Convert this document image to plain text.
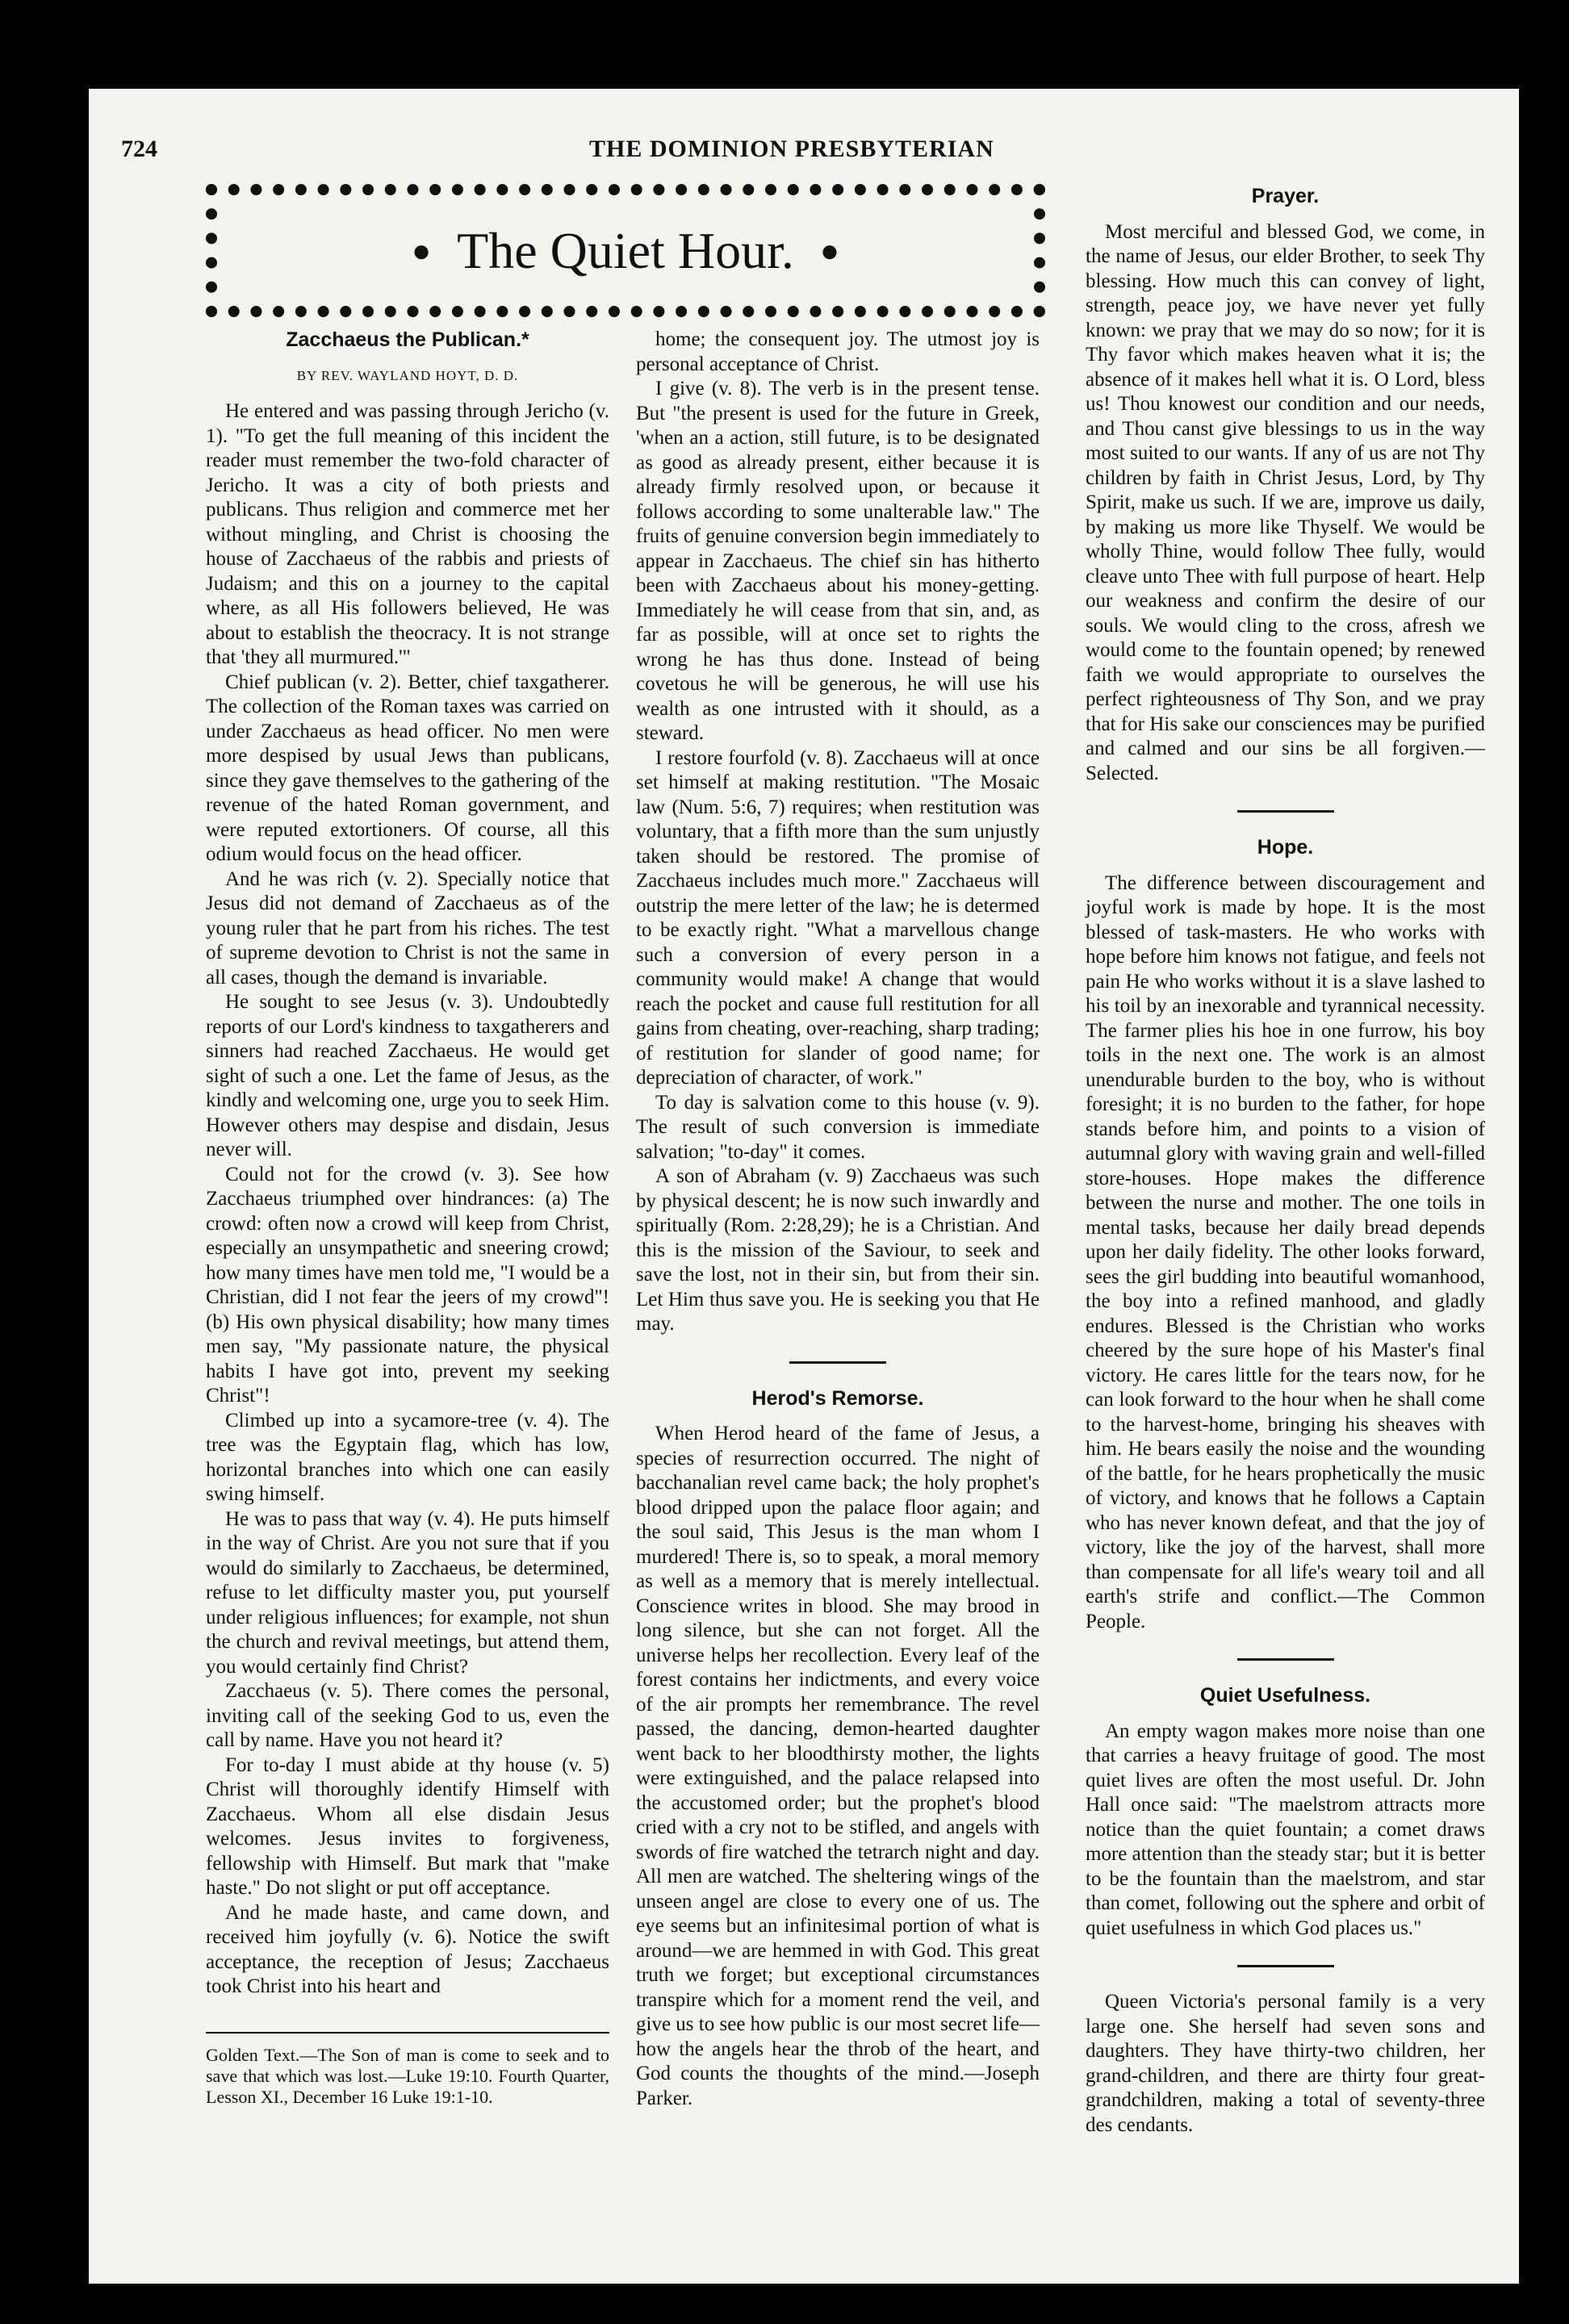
724	THE DOMINION PRESBYTERIAN
● The Quiet Hour. ●
Zacchaeus the Publican.*

BY REV. WAYLAND HOYT, D. D.

He entered and was passing through Jericho (v. 1). "To get the full meaning of this incident the reader must remember the two-fold character of Jericho. It was a city of both priests and publicans. Thus religion and commerce met her without mingling, and Christ is choosing the house of Zacchaeus of the rabbis and priests of Judaism; and this on a journey to the capital where, as all His followers believed, He was about to establish the theocracy. It is not strange that 'they all murmured.'"

Chief publican (v. 2). Better, chief taxgatherer. The collection of the Roman taxes was carried on under Zacchaeus as head officer. No men were more despised by usual Jews than publicans, since they gave themselves to the gathering of the revenue of the hated Roman government, and were reputed extortioners. Of course, all this odium would focus on the head officer.

And he was rich (v. 2). Specially notice that Jesus did not demand of Zacchaeus as of the young ruler that he part from his riches. The test of supreme devotion to Christ is not the same in all cases, though the demand is invariable.

He sought to see Jesus (v. 3). Undoubtedly reports of our Lord's kindness to taxgatherers and sinners had reached Zacchaeus. He would get sight of such a one. Let the fame of Jesus, as the kindly and welcoming one, urge you to seek Him. However others may despise and disdain, Jesus never will.

Could not for the crowd (v. 3). See how Zacchaeus triumphed over hindrances: (a) The crowd: often now a crowd will keep from Christ, especially an unsympathetic and sneering crowd; how many times have men told me, "I would be a Christian, did I not fear the jeers of my crowd"! (b) His own physical disability; how many times men say, "My passionate nature, the physical habits I have got into, prevent my seeking Christ"!

Climbed up into a sycamore-tree (v. 4). The tree was the Egyptain flag, which has low, horizontal branches into which one can easily swing himself.

He was to pass that way (v. 4). He puts himself in the way of Christ. Are you not sure that if you would do similarly to Zacchaeus, be determined, refuse to let difficulty master you, put yourself under religious influences; for example, not shun the church and revival meetings, but attend them, you would certainly find Christ?

Zacchaeus (v. 5). There comes the personal, inviting call of the seeking God to us, even the call by name. Have you not heard it?

For to-day I must abide at thy house (v. 5) Christ will thoroughly identify Himself with Zacchaeus. Whom all else disdain Jesus welcomes. Jesus invites to forgiveness, fellowship with Himself. But mark that "make haste." Do not slight or put off acceptance.

And he made haste, and came down, and received him joyfully (v. 6). Notice the swift acceptance, the reception of Jesus; Zacchaeus took Christ into his heart and

Golden Text.—The Son of man is come to seek and to save that which was lost.—Luke 19:10. Fourth Quarter, Lesson XI., December 16 Luke 19:1-10.

home; the consequent joy. The utmost joy is personal acceptance of Christ.

I give (v. 8). The verb is in the present tense. But "the present is used for the future in Greek, 'when an a action, still future, is to be designated as good as already present, either because it is already firmly resolved upon, or because it follows according to some unalterable law." The fruits of genuine conversion begin immediately to appear in Zacchaeus. The chief sin has hitherto been with Zacchaeus about his money-getting. Immediately he will cease from that sin, and, as far as possible, will at once set to rights the wrong he has thus done. Instead of being covetous he will be generous, he will use his wealth as one intrusted with it should, as a steward.

I restore fourfold (v. 8). Zacchaeus will at once set himself at making restitution. "The Mosaic law (Num. 5:6, 7) requires; when restitution was voluntary, that a fifth more than the sum unjustly taken should be restored. The promise of Zacchaeus includes much more." Zacchaeus will outstrip the mere letter of the law; he is determed to be exactly right. "What a marvellous change such a conversion of every person in a community would make! A change that would reach the pocket and cause full restitution for all gains from cheating, over-reaching, sharp trading; of restitution for slander of good name; for depreciation of character, of work."

To day is salvation come to this house (v. 9). The result of such conversion is immediate salvation; "to-day" it comes.

A son of Abraham (v. 9) Zacchaeus was such by physical descent; he is now such inwardly and spiritually (Rom. 2:28,29); he is a Christian. And this is the mission of the Saviour, to seek and save the lost, not in their sin, but from their sin. Let Him thus save you. He is seeking you that He may.

Herod's Remorse.

When Herod heard of the fame of Jesus, a species of resurrection occurred. The night of bacchanalian revel came back; the holy prophet's blood dripped upon the palace floor again; and the soul said, This Jesus is the man whom I murdered! There is, so to speak, a moral memory as well as a memory that is merely intellectual. Conscience writes in blood. She may brood in long silence, but she can not forget. All the universe helps her recollection. Every leaf of the forest contains her indictments, and every voice of the air prompts her remembrance. The revel passed, the dancing, demon-hearted daughter went back to her bloodthirsty mother, the lights were extinguished, and the palace relapsed into the accustomed order; but the prophet's blood cried with a cry not to be stifled, and angels with swords of fire watched the tetrarch night and day. All men are watched. The sheltering wings of the unseen angel are close to every one of us. The eye seems but an infinitesimal portion of what is around—we are hemmed in with God. This great truth we forget; but exceptional circumstances transpire which for a moment rend the veil, and give us to see how public is our most secret life—how the angels hear the throb of the heart, and God counts the thoughts of the mind.—Joseph Parker.

Prayer.

Most merciful and blessed God, we come, in the name of Jesus, our elder Brother, to seek Thy blessing. How much this can convey of light, strength, peace joy, we have never yet fully known: we pray that we may do so now; for it is Thy favor which makes heaven what it is; the absence of it makes hell what it is. O Lord, bless us! Thou knowest our condition and our needs, and Thou canst give blessings to us in the way most suited to our wants. If any of us are not Thy children by faith in Christ Jesus, Lord, by Thy Spirit, make us such. If we are, improve us daily, by making us more like Thyself. We would be wholly Thine, would follow Thee fully, would cleave unto Thee with full purpose of heart. Help our weakness and confirm the desire of our souls. We would cling to the cross, afresh we would come to the fountain opened; by renewed faith we would appropriate to ourselves the perfect righteousness of Thy Son, and we pray that for His sake our consciences may be purified and calmed and our sins be all forgiven.—Selected.

Hope.

The difference between discouragement and joyful work is made by hope. It is the most blessed of task-masters. He who works with hope before him knows not fatigue, and feels not pain He who works without it is a slave lashed to his toil by an inexorable and tyrannical necessity. The farmer plies his hoe in one furrow, his boy toils in the next one. The work is an almost unendurable burden to the boy, who is without foresight; it is no burden to the father, for hope stands before him, and points to a vision of autumnal glory with waving grain and well-filled store-houses. Hope makes the difference between the nurse and mother. The one toils in mental tasks, because her daily bread depends upon her daily fidelity. The other looks forward, sees the girl budding into beautiful womanhood, the boy into a refined manhood, and gladly endures. Blessed is the Christian who works cheered by the sure hope of his Master's final victory. He cares little for the tears now, for he can look forward to the hour when he shall come to the harvest-home, bringing his sheaves with him. He bears easily the noise and the wounding of the battle, for he hears prophetically the music of victory, and knows that he follows a Captain who has never known defeat, and that the joy of victory, like the joy of the harvest, shall more than compensate for all life's weary toil and all earth's strife and conflict.—The Common People.

Quiet Usefulness.

An empty wagon makes more noise than one that carries a heavy fruitage of good. The most quiet lives are often the most useful. Dr. John Hall once said: "The maelstrom attracts more notice than the quiet fountain; a comet draws more attention than the steady star; but it is better to be the fountain than the maelstrom, and star than comet, following out the sphere and orbit of quiet usefulness in which God places us."

Queen Victoria's personal family is a very large one. She herself had seven sons and daughters. They have thirty-two children, her grand-children, and there are thirty four great-grandchildren, making a total of seventy-three des cendants.
